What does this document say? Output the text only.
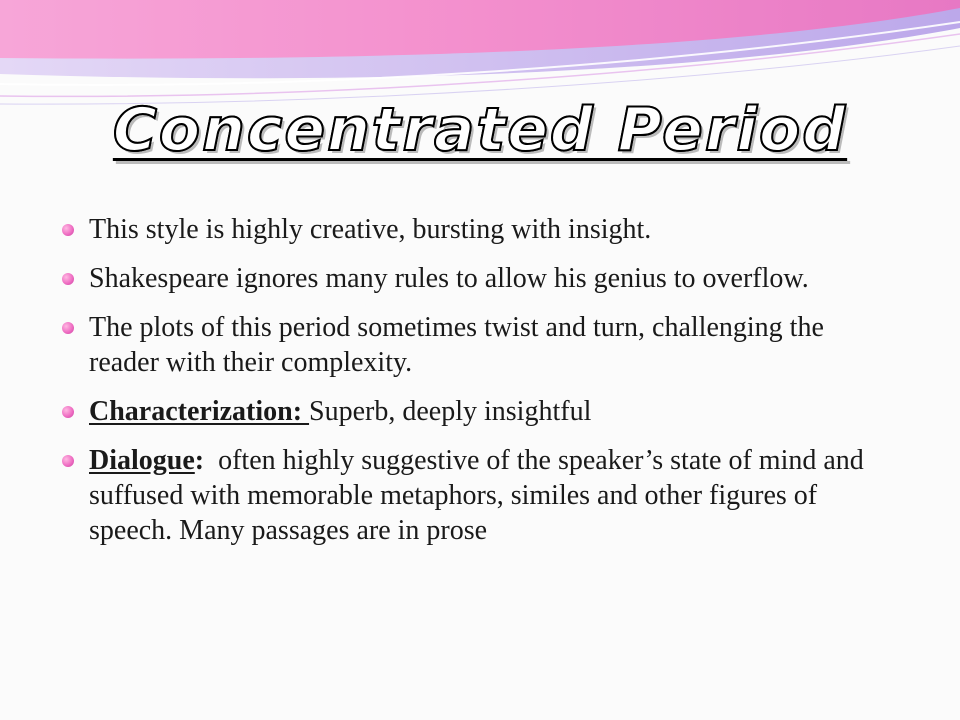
Concentrated Period
This style is highly creative, bursting with insight.
Shakespeare ignores many rules to allow his genius to overflow.
The plots of this period sometimes twist and turn, challenging the reader with their complexity.
Characterization: Superb, deeply insightful
Dialogue:  often highly suggestive of the speaker’s state of mind and suffused with memorable metaphors, similes and other figures of speech. Many passages are in prose
